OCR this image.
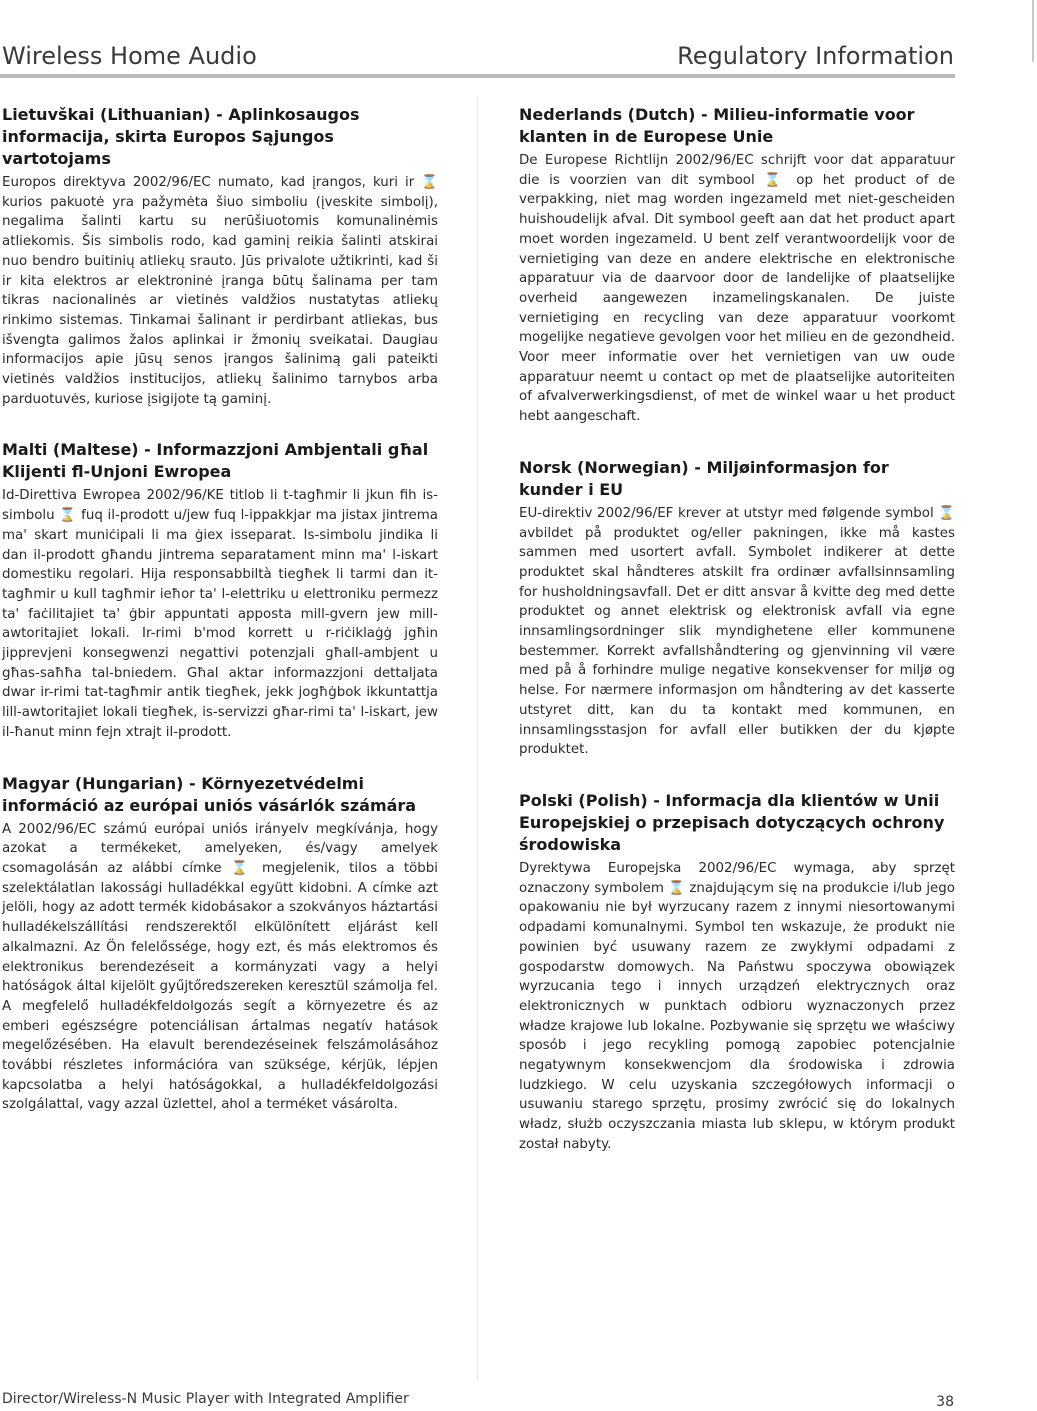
Wireless Home Audio	Regulatory Information
Lietuvškai (Lithuanian) - Aplinkosaugos informacija, skirta Europos Sąjungos vartotojams

Europos direktyva 2002/96/EC numato, kad įrangos, kuri ir ⌛ kurios pakuotė yra pažymėta šiuo simboliu (įveskite simbolį), negalima šalinti kartu su nerūšiuotomis komunalinėmis atliekomis. Šis simbolis rodo, kad gaminį reikia šalinti atskirai nuo bendro buitinių atliekų srauto. Jūs privalote užtikrinti, kad ši ir kita elektros ar elektroninė įranga būtų šalinama per tam tikras nacionalinės ar vietinės valdžios nustatytas atliekų rinkimo sistemas. Tinkamai šalinant ir perdirbant atliekas, bus išvengta galimos žalos aplinkai ir žmonių sveikatai. Daugiau informacijos apie jūsų senos įrangos šalinimą gali pateikti vietinės valdžios institucijos, atliekų šalinimo tarnybos arba parduotuvės, kuriose įsigijote tą gaminį.

Malti (Maltese) - Informazzjoni Ambjentali għal Klijenti fl-Unjoni Ewropea

Id-Direttiva Ewropea 2002/96/KE titlob li t-tagħmir li jkun fih is-simbolu ⌛ fuq il-prodott u/jew fuq l-ippakkjar ma jistax jintrema ma' skart muniċipali li ma ġiex isseparat. Is-simbolu jindika li dan il-prodott għandu jintrema separatament minn ma' l-iskart domestiku regolari. Hija responsabbiltà tiegħek li tarmi dan it-tagħmir u kull tagħmir ieħor ta' l-elettriku u elettroniku permezz ta' faċilitajiet ta' ġbir appuntati apposta mill-gvern jew mill-awtoritajiet lokali. Ir-rimi b'mod korrett u r-riċiklaġġ jgħin jipprevjeni konsegwenzi negattivi potenzjali għall-ambjent u għas-saħħa tal-bniedem. Għal aktar informazzjoni dettaljata dwar ir-rimi tat-tagħmir antik tiegħek, jekk jogħġbok ikkuntattja lill-awtoritajiet lokali tiegħek, is-servizzi għar-rimi ta' l-iskart, jew il-ħanut minn fejn xtrajt il-prodott.

Magyar (Hungarian) - Környezetvédelmi információ az európai uniós vásárlók számára

A 2002/96/EC számú európai uniós irányelv megkívánja, hogy azokat a termékeket, amelyeken, és/vagy amelyek csomagolásán az alábbi címke ⌛ megjelenik, tilos a többi szelektálatlan lakossági hulladékkal együtt kidobni. A címke azt jelöli, hogy az adott termék kidobásakor a szokványos háztartási hulladékelszállítási rendszerektől elkülönített eljárást kell alkalmazni. Az Ön felelőssége, hogy ezt, és más elektromos és elektronikus berendezéseit a kormányzati vagy a helyi hatóságok által kijelölt gyűjtőredszereken keresztül számolja fel. A megfelelő hulladékfeldolgozás segít a környezetre és az emberi egészségre potenciálisan ártalmas negatív hatások megelőzésében. Ha elavult berendezéseinek felszámolásához további részletes információra van szüksége, kérjük, lépjen kapcsolatba a helyi hatóságokkal, a hulladékfeldolgozási szolgálattal, vagy azzal üzlettel, ahol a terméket vásárolta.

Nederlands (Dutch) - Milieu-informatie voor klanten in de Europese Unie

De Europese Richtlijn 2002/96/EC schrijft voor dat apparatuur die is voorzien van dit symbool ⌛ op het product of de verpakking, niet mag worden ingezameld met niet-gescheiden huishoudelijk afval. Dit symbool geeft aan dat het product apart moet worden ingezameld. U bent zelf verantwoordelijk voor de vernietiging van deze en andere elektrische en elektronische apparatuur via de daarvoor door de landelijke of plaatselijke overheid aangewezen inzamelingskanalen. De juiste vernietiging en recycling van deze apparatuur voorkomt mogelijke negatieve gevolgen voor het milieu en de gezondheid. Voor meer informatie over het vernietigen van uw oude apparatuur neemt u contact op met de plaatselijke autoriteiten of afvalverwerkingsdienst, of met de winkel waar u het product hebt aangeschaft.

Norsk (Norwegian) - Miljøinformasjon for kunder i EU

EU-direktiv 2002/96/EF krever at utstyr med følgende symbol ⌛ avbildet på produktet og/eller pakningen, ikke må kastes sammen med usortert avfall. Symbolet indikerer at dette produktet skal håndteres atskilt fra ordinær avfallsinnsamling for husholdningsavfall. Det er ditt ansvar å kvitte deg med dette produktet og annet elektrisk og elektronisk avfall via egne innsamlingsordninger slik myndighetene eller kommunene bestemmer. Korrekt avfallshåndtering og gjenvinning vil være med på å forhindre mulige negative konsekvenser for miljø og helse. For nærmere informasjon om håndtering av det kasserte utstyret ditt, kan du ta kontakt med kommunen, en innsamlingsstasjon for avfall eller butikken der du kjøpte produktet.

Polski (Polish) - Informacja dla klientów w Unii Europejskiej o przepisach dotyczących ochrony środowiska

Dyrektywa Europejska 2002/96/EC wymaga, aby sprzęt oznaczony symbolem ⌛ znajdującym się na produkcie i/lub jego opakowaniu nie był wyrzucany razem z innymi niesortowanymi odpadami komunalnymi. Symbol ten wskazuje, że produkt nie powinien być usuwany razem ze zwykłymi odpadami z gospodarstw domowych. Na Państwu spoczywa obowiązek wyrzucania tego i innych urządzeń elektrycznych oraz elektronicznych w punktach odbioru wyznaczonych przez władze krajowe lub lokalne. Pozbywanie się sprzętu we właściwy sposób i jego recykling pomogą zapobiec potencjalnie negatywnym konsekwencjom dla środowiska i zdrowia ludzkiego. W celu uzyskania szczegółowych informacji o usuwaniu starego sprzętu, prosimy zwrócić się do lokalnych władz, służb oczyszczania miasta lub sklepu, w którym produkt został nabyty.

Director/Wireless-N Music Player with Integrated Amplifier	38
